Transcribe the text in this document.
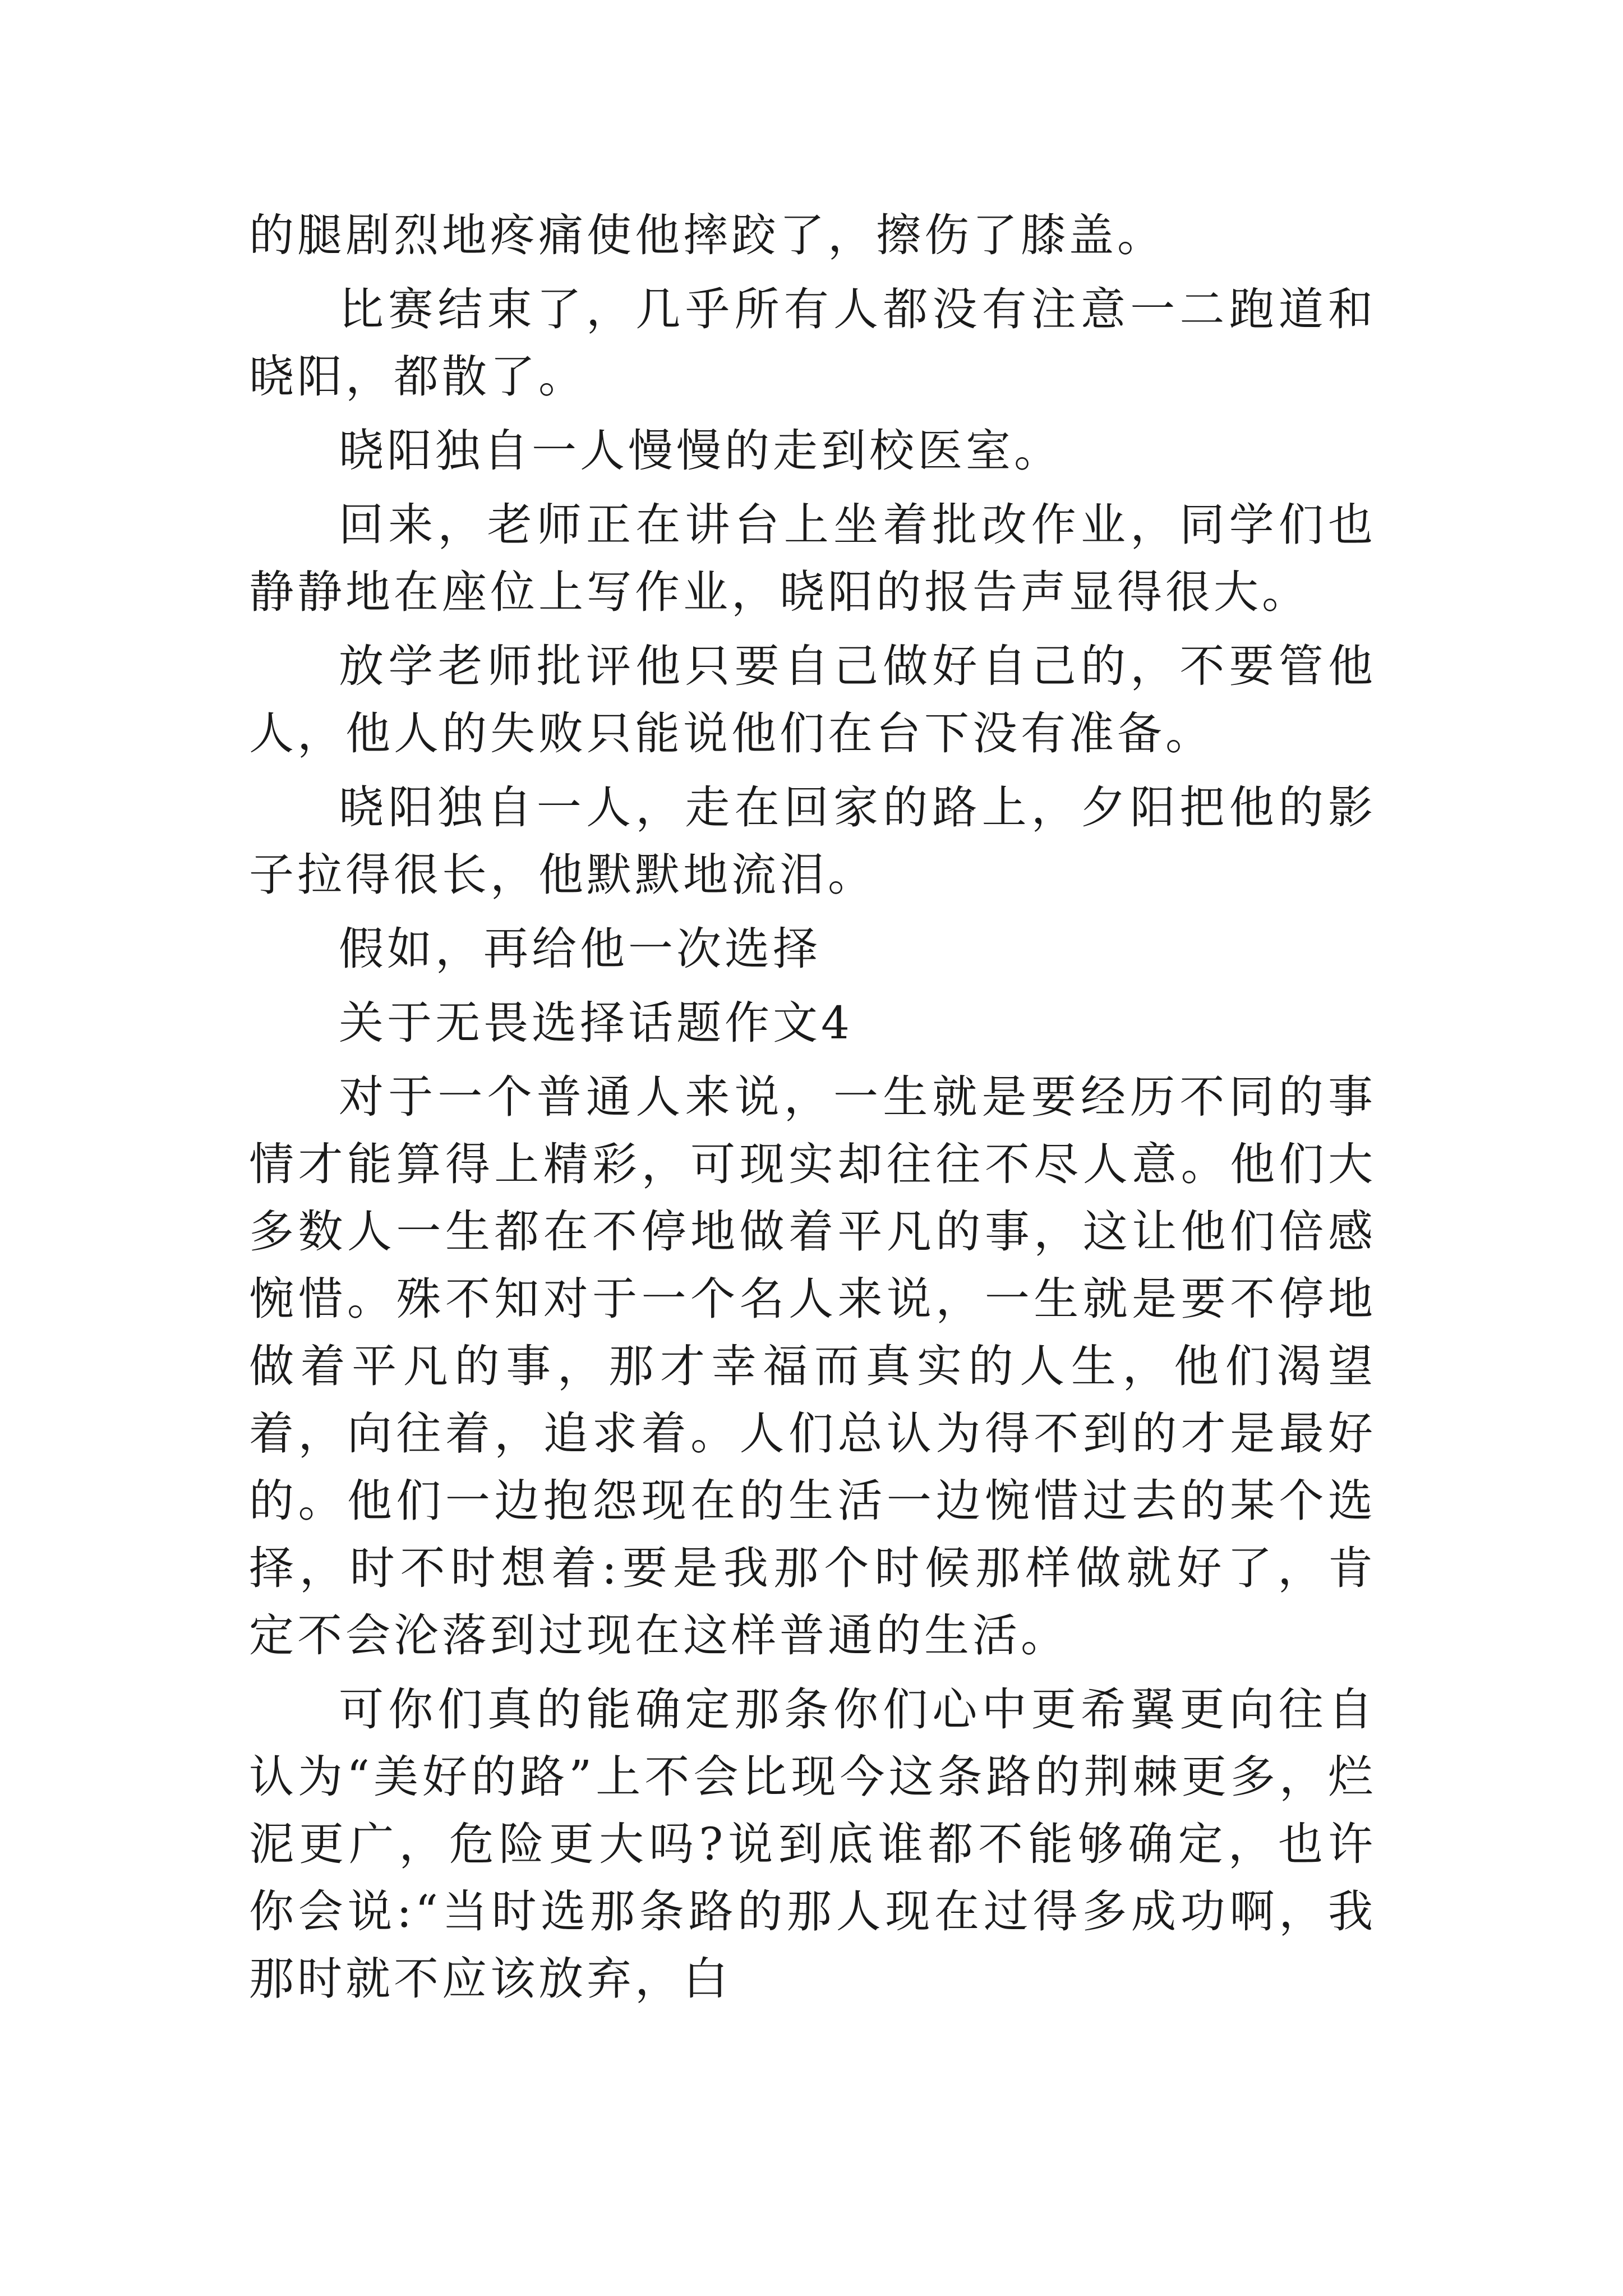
的腿剧烈地疼痛使他摔跤了，擦伤了膝盖。

比赛结束了，几乎所有人都没有注意一二跑道和晓阳，都散了。

晓阳独自一人慢慢的走到校医室。

回来，老师正在讲台上坐着批改作业，同学们也静静地在座位上写作业，晓阳的报告声显得很大。

放学老师批评他只要自己做好自己的，不要管他人，他人的失败只能说他们在台下没有准备。

晓阳独自一人，走在回家的路上，夕阳把他的影子拉得很长，他默默地流泪。

假如，再给他一次选择

关于无畏选择话题作文4

对于一个普通人来说，一生就是要经历不同的事情才能算得上精彩，可现实却往往不尽人意。他们大多数人一生都在不停地做着平凡的事，这让他们倍感惋惜。殊不知对于一个名人来说，一生就是要不停地做着平凡的事，那才幸福而真实的人生，他们渴望着，向往着，追求着。人们总认为得不到的才是最好的。他们一边抱怨现在的生活一边惋惜过去的某个选择，时不时想着:要是我那个时候那样做就好了，肯定不会沦落到过现在这样普通的生活。

可你们真的能确定那条你们心中更希翼更向往自认为“美好的路”上不会比现今这条路的荆棘更多，烂泥更广，危险更大吗?说到底谁都不能够确定，也许你会说:“当时选那条路的那人现在过得多成功啊，我那时就不应该放弃，白
